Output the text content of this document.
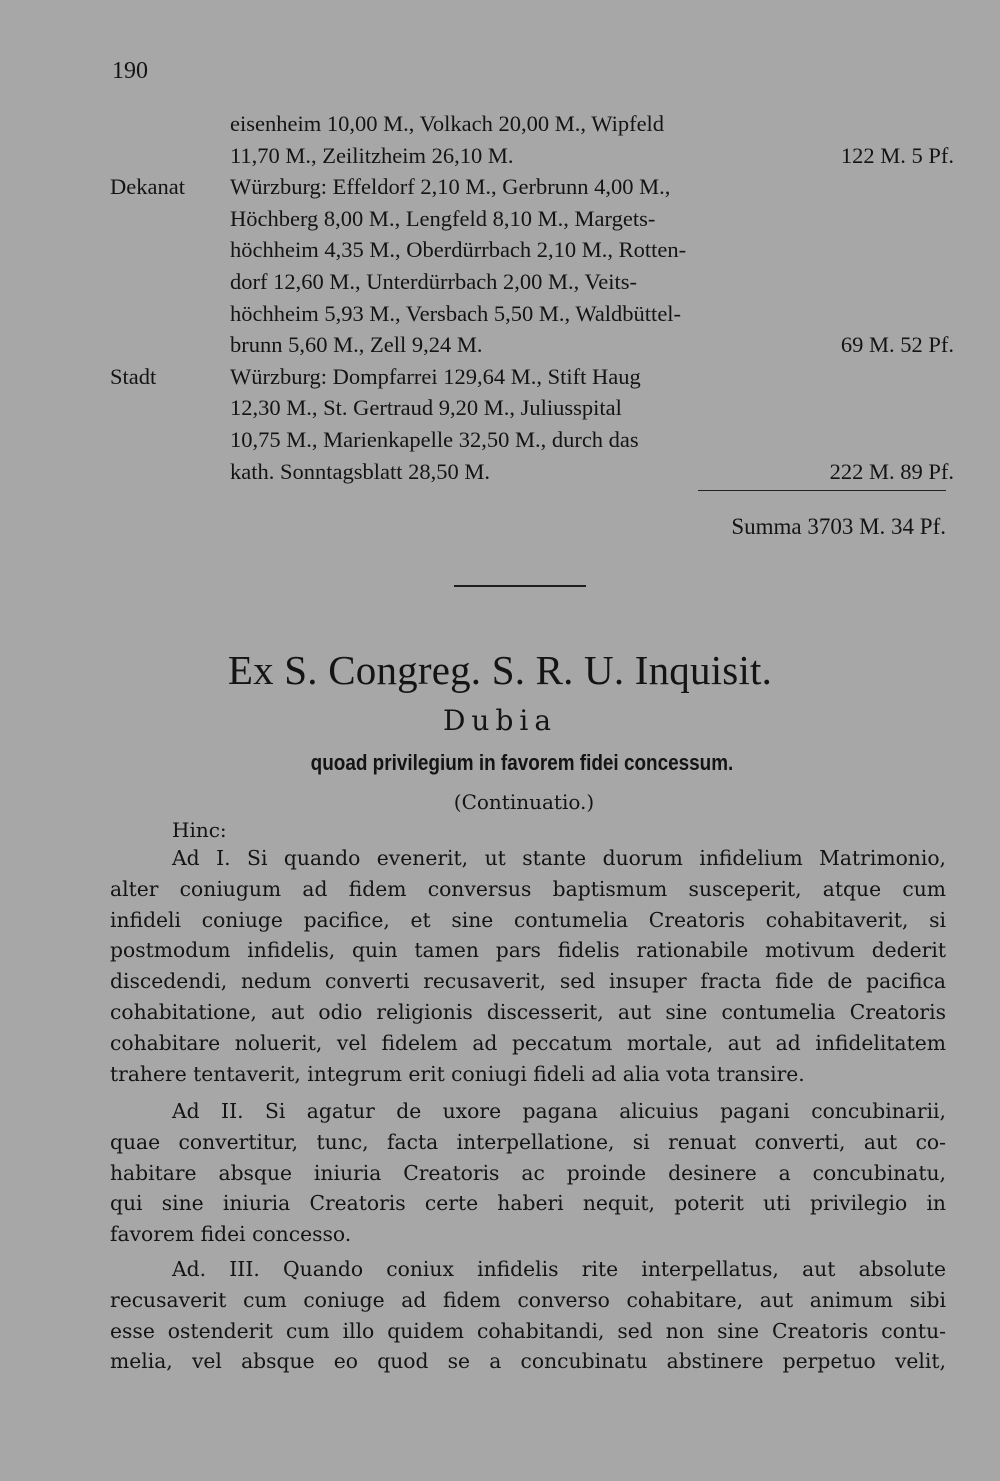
190
eisenheim 10,00 M., Volkach 20,00 M., Wipfeld
11,70 M., Zeilitzheim 26,10 M.	122 M. 5 Pf.
Dekanat	Würzburg: Effeldorf 2,10 M., Gerbrunn 4,00 M.,
Höchberg 8,00 M., Lengfeld 8,10 M., Margets-
höchheim 4,35 M., Oberdürrbach 2,10 M., Rotten-
dorf 12,60 M., Unterdürrbach 2,00 M., Veits-
höchheim 5,93 M., Versbach 5,50 M., Waldbüttel-
brunn 5,60 M., Zell 9,24 M.	69 M. 52 Pf.
Stadt	Würzburg: Dompfarrei 129,64 M., Stift Haug
12,30 M., St. Gertraud 9,20 M., Juliusspital
10,75 M., Marienkapelle 32,50 M., durch das
kath. Sonntagsblatt 28,50 M.	222 M. 89 Pf.
Summa 3703 M. 34 Pf.
Ex S. Congreg. S. R. U. Inquisit.
Dubia
quoad privilegium in favorem fidei concessum.
(Continuatio.)
Hinc:
Ad I. Si quando evenerit, ut stante duorum infidelium Matrimonio,
alter coniugum ad fidem conversus baptismum susceperit, atque cum
infideli coniuge pacifice, et sine contumelia Creatoris cohabitaverit, si
postmodum infidelis, quin tamen pars fidelis rationabile motivum dederit
discedendi, nedum converti recusaverit, sed insuper fracta fide de pacifica
cohabitatione, aut odio religionis discesserit, aut sine contumelia Creatoris
cohabitare noluerit, vel fidelem ad peccatum mortale, aut ad infidelitatem
trahere tentaverit, integrum erit coniugi fideli ad alia vota transire.
Ad II. Si agatur de uxore pagana alicuius pagani concubinarii,
quae convertitur, tunc, facta interpellatione, si renuat converti, aut co-
habitare absque iniuria Creatoris ac proinde desinere a concubinatu,
qui sine iniuria Creatoris certe haberi nequit, poterit uti privilegio in
favorem fidei concesso.
Ad. III. Quando coniux infidelis rite interpellatus, aut absolute
recusaverit cum coniuge ad fidem converso cohabitare, aut animum sibi
esse ostenderit cum illo quidem cohabitandi, sed non sine Creatoris contu-
melia, vel absque eo quod se a concubinatu abstinere perpetuo velit,
